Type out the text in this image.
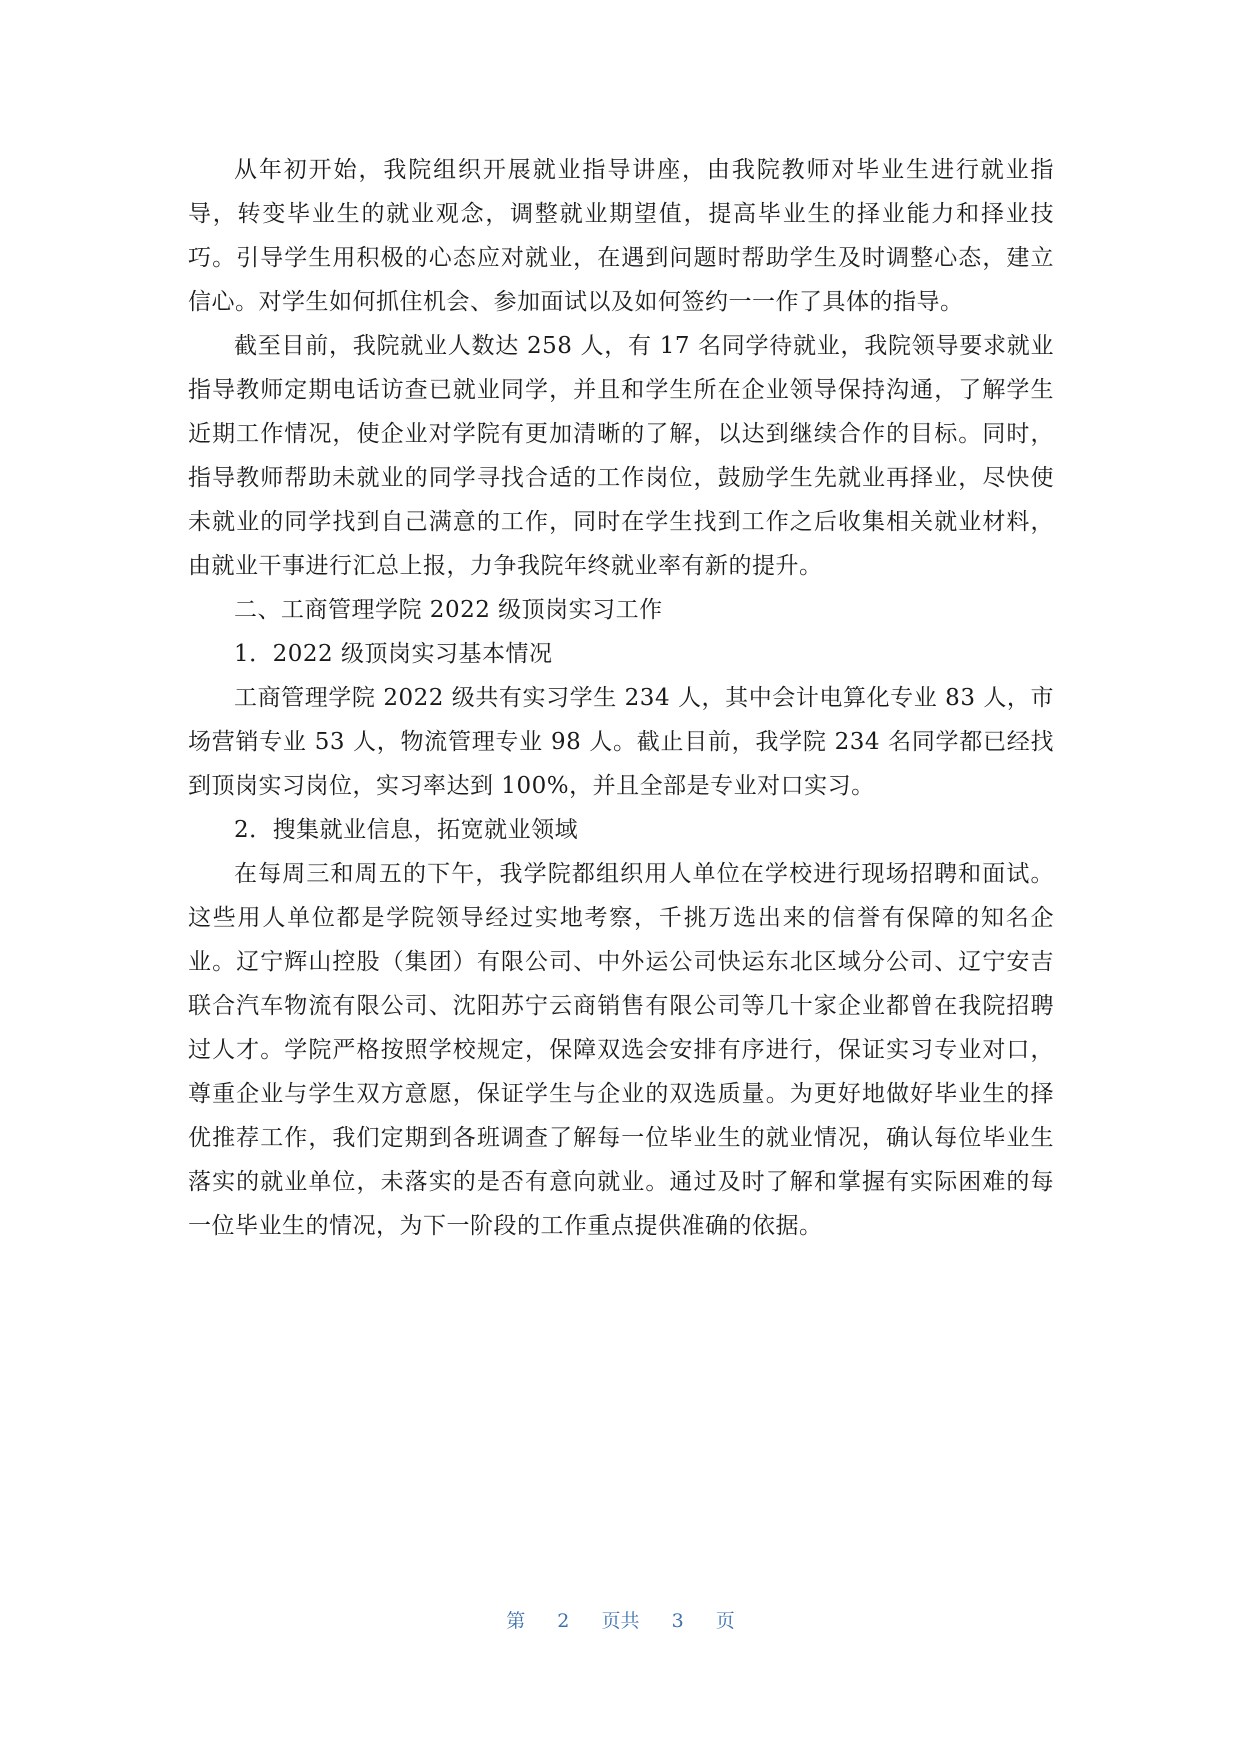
从年初开始，我院组织开展就业指导讲座，由我院教师对毕业生进行就业指导，转变毕业生的就业观念，调整就业期望值，提高毕业生的择业能力和择业技巧。引导学生用积极的心态应对就业，在遇到问题时帮助学生及时调整心态，建立信心。对学生如何抓住机会、参加面试以及如何签约一一作了具体的指导。

截至目前，我院就业人数达 258 人，有 17 名同学待就业，我院领导要求就业指导教师定期电话访查已就业同学，并且和学生所在企业领导保持沟通，了解学生近期工作情况，使企业对学院有更加清晰的了解，以达到继续合作的目标。同时，指导教师帮助未就业的同学寻找合适的工作岗位，鼓励学生先就业再择业，尽快使未就业的同学找到自己满意的工作，同时在学生找到工作之后收集相关就业材料，由就业干事进行汇总上报，力争我院年终就业率有新的提升。

二、工商管理学院 2022 级顶岗实习工作

1．2022 级顶岗实习基本情况

工商管理学院 2022 级共有实习学生 234 人，其中会计电算化专业 83 人，市场营销专业 53 人，物流管理专业 98 人。截止目前，我学院 234 名同学都已经找到顶岗实习岗位，实习率达到 100%，并且全部是专业对口实习。

2．搜集就业信息，拓宽就业领域

在每周三和周五的下午，我学院都组织用人单位在学校进行现场招聘和面试。这些用人单位都是学院领导经过实地考察，千挑万选出来的信誉有保障的知名企业。辽宁辉山控股（集团）有限公司、中外运公司快运东北区域分公司、辽宁安吉联合汽车物流有限公司、沈阳苏宁云商销售有限公司等几十家企业都曾在我院招聘过人才。学院严格按照学校规定，保障双选会安排有序进行，保证实习专业对口，尊重企业与学生双方意愿，保证学生与企业的双选质量。为更好地做好毕业生的择优推荐工作，我们定期到各班调查了解每一位毕业生的就业情况，确认每位毕业生落实的就业单位，未落实的是否有意向就业。通过及时了解和掌握有实际困难的每一位毕业生的情况，为下一阶段的工作重点提供准确的依据。

第 2 页共 3 页
